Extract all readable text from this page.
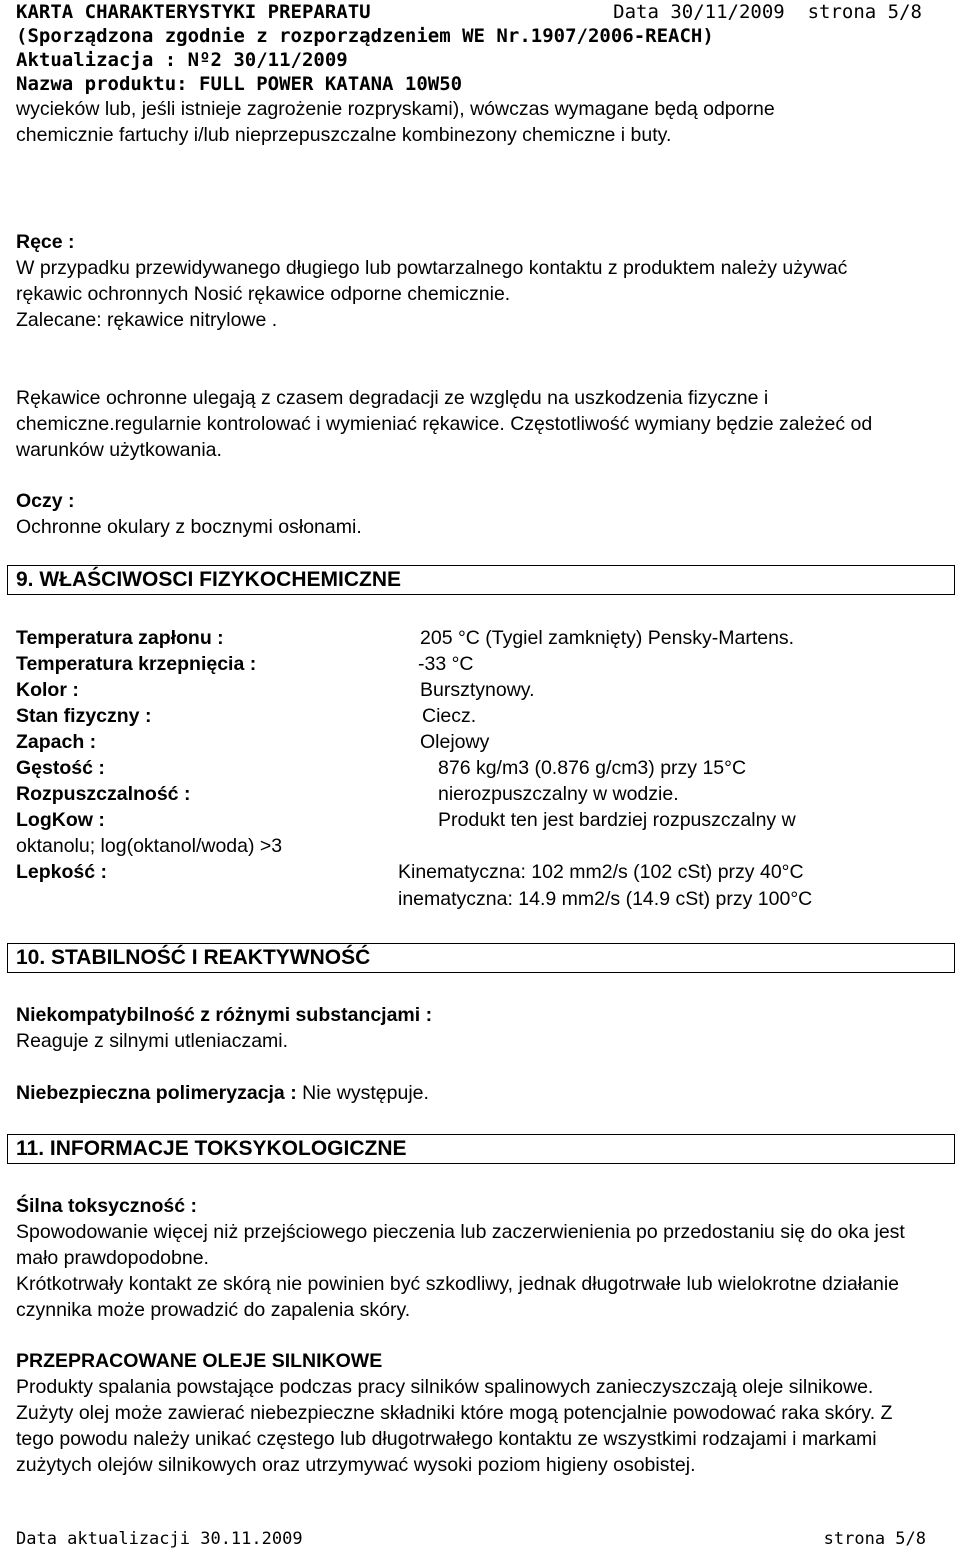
KARTA CHARAKTERYSTYKI PREPARATU	Data 30/11/2009 strona 5/8
(Sporządzona zgodnie z rozporządzeniem WE Nr.1907/2006-REACH)
Aktualizacja : Nº2 30/11/2009
Nazwa produktu: FULL POWER KATANA 10W50
wycieków lub, jeśli istnieje zagrożenie rozpryskami), wówczas wymagane będą odporne
chemicznie fartuchy i/lub nieprzepuszczalne kombinezony chemiczne i buty.
Ręce :
W przypadku przewidywanego długiego lub powtarzalnego kontaktu z produktem należy używać rękawic ochronnych Nosić rękawice odporne chemicznie.
Zalecane: rękawice nitrylowe .
Rękawice ochronne ulegają z czasem degradacji ze względu na uszkodzenia fizyczne i chemiczne.regularnie kontrolować i wymieniać rękawice. Częstotliwość wymiany będzie zależeć od warunków użytkowania.
Oczy :
Ochronne okulary z bocznymi osłonami.
9. WŁAŚCIWOSCI FIZYKOCHEMICZNE
Temperatura zapłonu :	205 °C (Tygiel zamknięty) Pensky-Martens.
Temperatura krzepnięcia :	-33 °C
Kolor :	Bursztynowy.
Stan fizyczny :	Ciecz.
Zapach :	Olejowy
Gęstość :	876 kg/m3 (0.876 g/cm3) przy 15°C
Rozpuszczalność :	nierozpuszczalny w wodzie.
LogKow :	Produkt ten jest bardziej rozpuszczalny w
oktanolu; log(oktanol/woda) >3
Lepkość :	Kinematyczna: 102 mm2/s (102 cSt) przy 40°C
inematyczna: 14.9 mm2/s (14.9 cSt) przy 100°C
10. STABILNOŚĆ I REAKTYWNOŚĆ
Niekompatybilność z różnymi substancjami :
Reaguje z silnymi utleniaczami.
Niebezpieczna polimeryzacja : Nie występuje.
11. INFORMACJE TOKSYKOLOGICZNE
Śilna toksyczność :
Spowodowanie więcej niż przejściowego pieczenia lub zaczerwienienia po przedostaniu się do oka jest mało prawdopodobne.
Krótkotrwały kontakt ze skórą nie powinien być szkodliwy, jednak długotrwałe lub wielokrotne działanie czynnika może prowadzić do zapalenia skóry.
PRZEPRACOWANE OLEJE SILNIKOWE
Produkty spalania powstające podczas pracy silników spalinowych zanieczyszczają oleje silnikowe. Zużyty olej może zawierać niebezpieczne składniki które mogą potencjalnie powodować raka skóry. Z tego powodu należy unikać częstego lub długotrwałego kontaktu ze wszystkimi rodzajami i markami zużytych olejów silnikowych oraz utrzymywać wysoki poziom higieny osobistej.
Data aktualizacji 30.11.2009	strona 5/8
